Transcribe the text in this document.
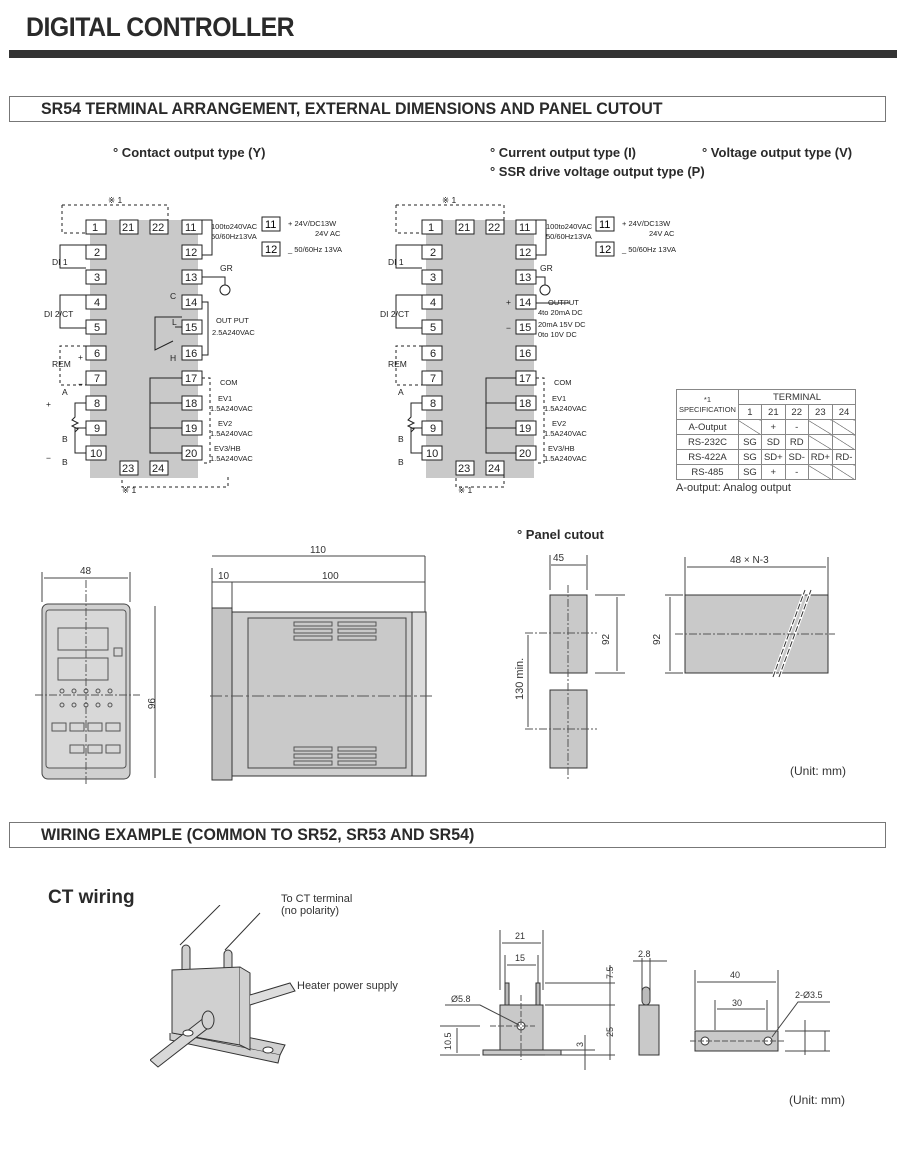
DIGITAL CONTROLLER
SR54 TERMINAL ARRANGEMENT, EXTERNAL DIMENSIONS AND PANEL CUTOUT
° Contact output type (Y)	° Current output type (I)	° Voltage output type (V)
° SSR drive voltage output type (P)
1
2
3
4
5
6
7
8
9
10
21 22
23 24
11
12
13
14
15
16
17
18
19
20
※ 1
※ 1
DI 1
DI 2/CT
REM
+
−
A
B
B
+
−
100to240VAC
50/60Hz13VA
GR
C
L
H
OUT PUT
2.5A240VAC
COM
EV1
1.5A240VAC
EV2
1.5A240VAC
EV3/HB
1.5A240VAC
11
12
+ 24V/DC13W
24V AC
_ 50/60Hz 13VA
1
2
3
4
5
6
7
8
9
10
21 22
23 24
11
12
13
14
15
16
17
18
19
20
※ 1
※ 1
DI 1
DI 2/CT
REM
A
B
B
100to240VAC
50/60Hz13VA
GR
+
−
OUTPUT
4to 20mA DC
20mA 15V DC
0to 10V DC
COM
EV1
1.5A240VAC
EV2
1.5A240VAC
EV3/HB
1.5A240VAC
11
12
+ 24V/DC13W
24V AC
_ 50/60Hz 13VA
*1
SPECIFICATION	TERMINAL				
	1	21	22	23	24
A-Output		+	-		
RS-232C	SG	SD	RD		
RS-422A	SG	SD+	SD-	RD+	RD-
RS-485	SG	+	-		
A-output: Analog output
48
96
110
10	100
° Panel cutout
45
92
130 min.
48 × N-3
92
(Unit: mm)
WIRING EXAMPLE (COMMON TO SR52, SR53 AND SR54)
CT wiring	To CT terminal
(no polarity)
Heater power supply
21
15
Ø5.8
7.5
25
3
10.5
2.8
40
30
2-Ø3.5
(Unit: mm)
